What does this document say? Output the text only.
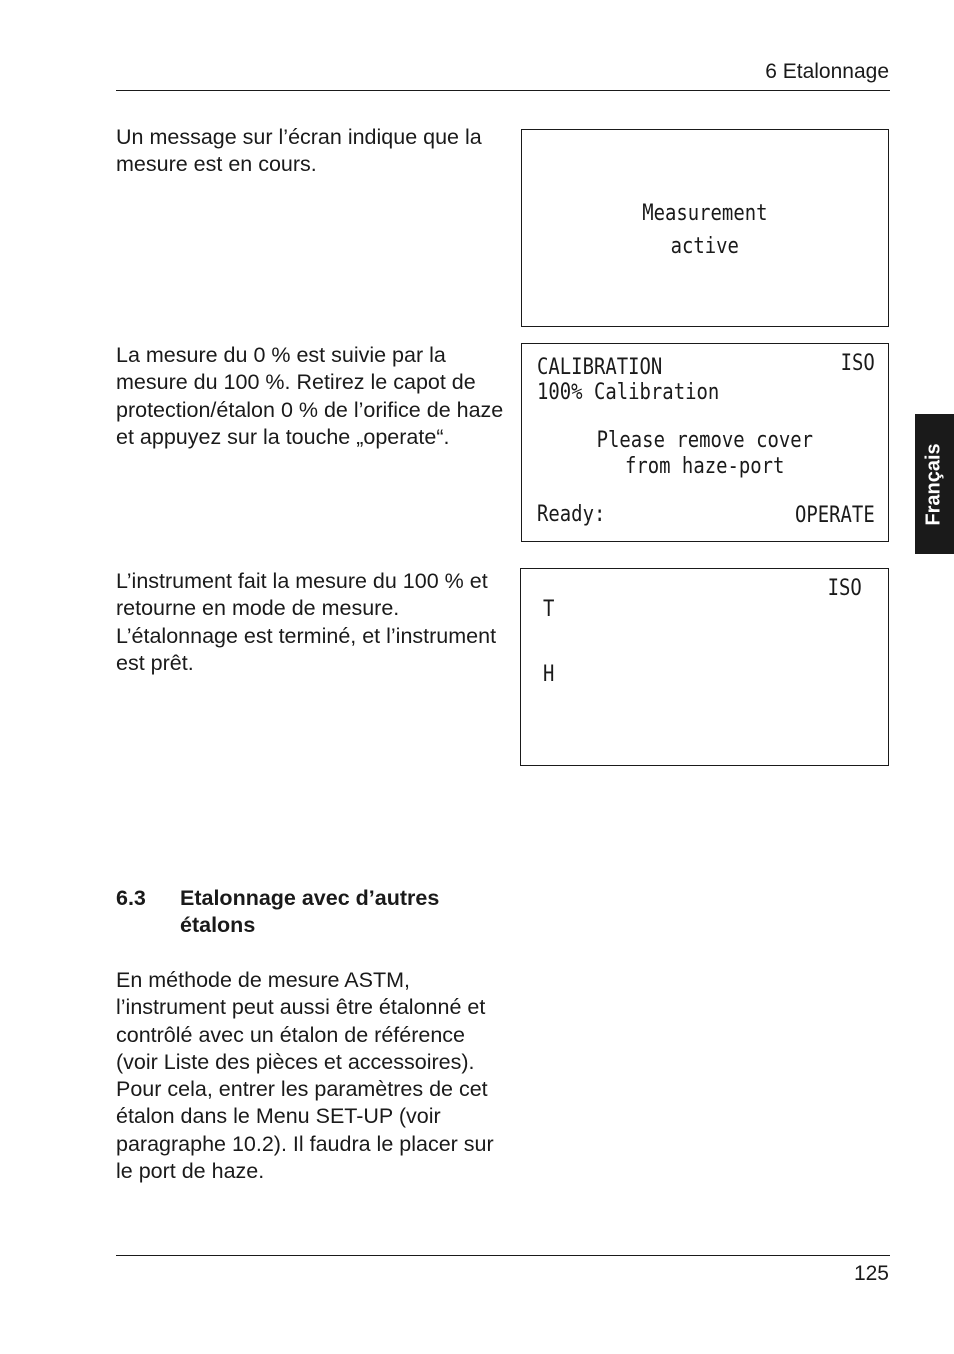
6 Etalonnage
Français

Un message sur l’écran indique que la mesure est en cours.

Measurement
active

La mesure du 0 % est suivie par la mesure du 100 %. Retirez le capot de protection/étalon 0 % de l’orifice de haze et appuyez sur la touche „operate“.

CALIBRATION	ISO
100% Calibration
Please remove cover
from haze-port
Ready:	OPERATE

L’instrument fait la mesure du 100 % et retourne en mode de mesure. L’étalonnage est terminé, et l’instrument est prêt.

ISO
T
H
6.3 Etalonnage avec d’autres étalons

En méthode de mesure ASTM, l’instrument peut aussi être étalonné et contrôlé avec un étalon de référence (voir Liste des pièces et accessoires). Pour cela, entrer les paramètres de cet étalon dans le Menu SET-UP (voir paragraphe 10.2). Il faudra le placer sur le port de haze.

125
